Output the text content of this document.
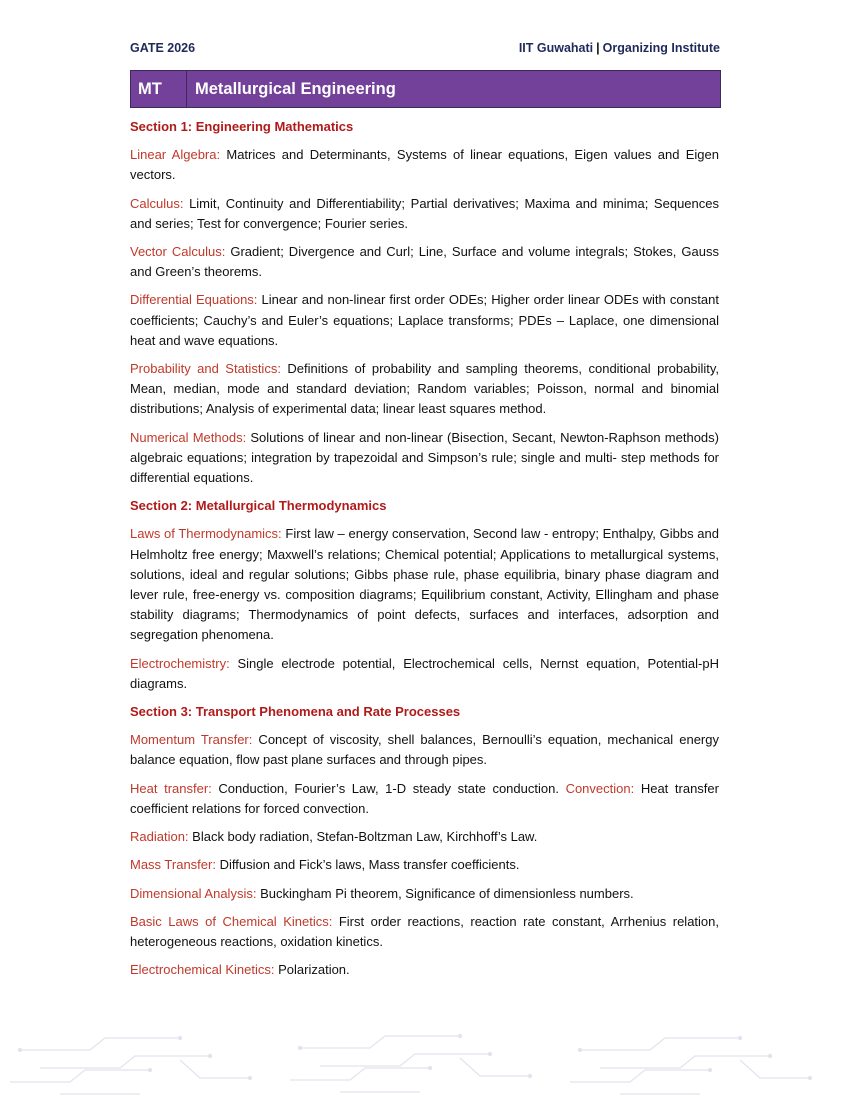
GATE 2026	IIT Guwahati | Organizing Institute
MT	Metallurgical Engineering
Section 1: Engineering Mathematics

Linear Algebra: Matrices and Determinants, Systems of linear equations, Eigen values and Eigen vectors.

Calculus: Limit, Continuity and Differentiability; Partial derivatives; Maxima and minima; Sequences and series; Test for convergence; Fourier series.

Vector Calculus: Gradient; Divergence and Curl; Line, Surface and volume integrals; Stokes, Gauss and Green’s theorems.

Differential Equations: Linear and non-linear first order ODEs; Higher order linear ODEs with constant coefficients; Cauchy’s and Euler’s equations; Laplace transforms; PDEs – Laplace, one dimensional heat and wave equations.

Probability and Statistics: Definitions of probability and sampling theorems, conditional probability, Mean, median, mode and standard deviation; Random variables; Poisson, normal and binomial distributions; Analysis of experimental data; linear least squares method.

Numerical Methods: Solutions of linear and non-linear (Bisection, Secant, Newton-Raphson methods) algebraic equations; integration by trapezoidal and Simpson’s rule; single and multi- step methods for differential equations.

Section 2: Metallurgical Thermodynamics

Laws of Thermodynamics: First law – energy conservation, Second law - entropy; Enthalpy, Gibbs and Helmholtz free energy; Maxwell’s relations; Chemical potential; Applications to metallurgical systems, solutions, ideal and regular solutions; Gibbs phase rule, phase equilibria, binary phase diagram and lever rule, free-energy vs. composition diagrams; Equilibrium constant, Activity, Ellingham and phase stability diagrams; Thermodynamics of point defects, surfaces and interfaces, adsorption and segregation phenomena.

Electrochemistry: Single electrode potential, Electrochemical cells, Nernst equation, Potential-pH diagrams.

Section 3: Transport Phenomena and Rate Processes

Momentum Transfer: Concept of viscosity, shell balances, Bernoulli’s equation, mechanical energy balance equation, flow past plane surfaces and through pipes.

Heat transfer: Conduction, Fourier’s Law, 1-D steady state conduction. Convection: Heat transfer coefficient relations for forced convection.

Radiation: Black body radiation, Stefan-Boltzman Law, Kirchhoff’s Law.

Mass Transfer: Diffusion and Fick’s laws, Mass transfer coefficients.

Dimensional Analysis: Buckingham Pi theorem, Significance of dimensionless numbers.

Basic Laws of Chemical Kinetics: First order reactions, reaction rate constant, Arrhenius relation, heterogeneous reactions, oxidation kinetics.

Electrochemical Kinetics: Polarization.
